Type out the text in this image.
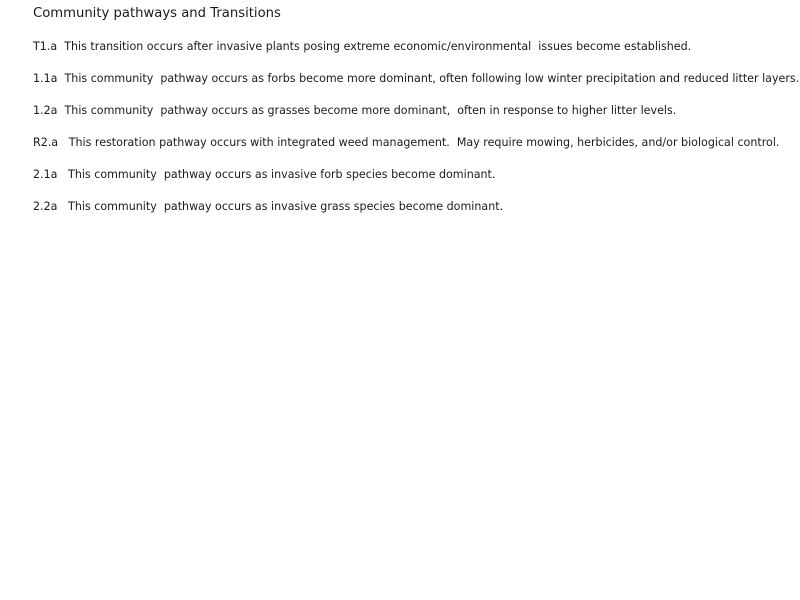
Community pathways and Transitions
T1.a This transition occurs after invasive plants posing extreme economic/environmental  issues become established.
1.1a This community  pathway occurs as forbs become more dominant, often following low winter precipitation and reduced litter layers.
1.2a This community  pathway occurs as grasses become more dominant,  often in response to higher litter levels.
R2.a This restoration pathway occurs with integrated weed management.  May require mowing, herbicides, and/or biological control.
2.1a This community  pathway occurs as invasive forb species become dominant.
2.2a This community  pathway occurs as invasive grass species become dominant.
